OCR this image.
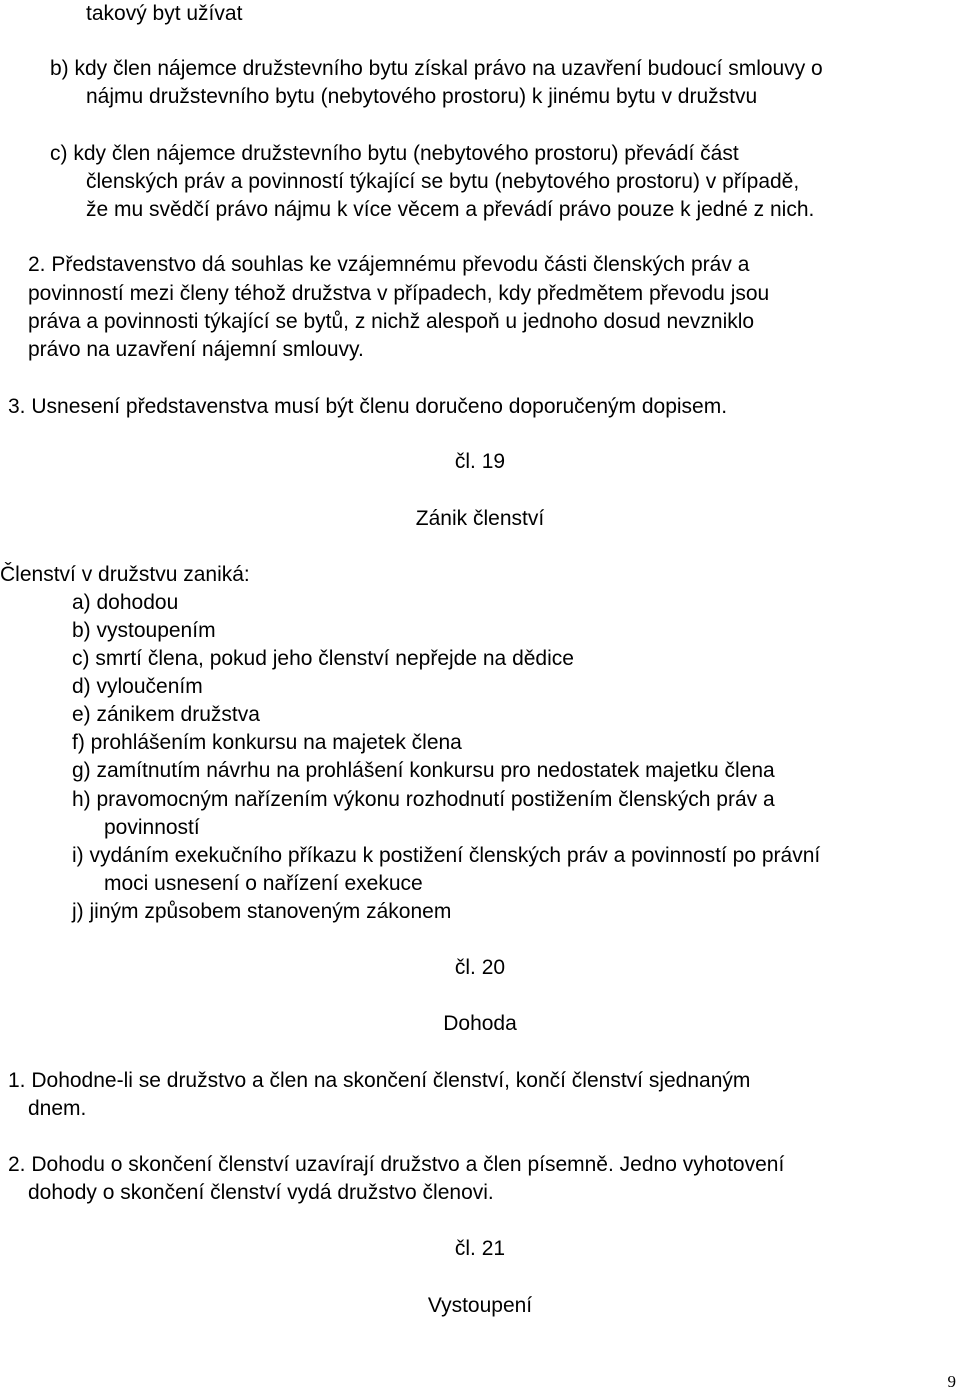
takový byt užívat
b) kdy člen nájemce družstevního bytu získal právo na uzavření budoucí smlouvy o
nájmu družstevního bytu (nebytového prostoru) k jinému bytu v družstvu
c) kdy člen nájemce družstevního bytu (nebytového prostoru) převádí část
členských práv a povinností týkající se bytu (nebytového prostoru) v případě,
že mu svědčí právo nájmu k více věcem a převádí právo pouze k jedné z nich.
2. Představenstvo dá souhlas ke vzájemnému převodu části členských práv a
povinností mezi členy téhož družstva v případech, kdy předmětem převodu jsou
práva a povinnosti týkající se bytů, z nichž alespoň u jednoho dosud nevzniklo
právo na uzavření nájemní smlouvy.
3. Usnesení představenstva musí být členu doručeno doporučeným dopisem.
čl. 19
Zánik členství
Členství v družstvu zaniká:
a) dohodou
b) vystoupením
c) smrtí člena, pokud jeho členství nepřejde na dědice
d) vyloučením
e) zánikem družstva
f) prohlášením konkursu na majetek člena
g) zamítnutím návrhu na prohlášení konkursu pro nedostatek majetku člena
h) pravomocným nařízením výkonu rozhodnutí postižením členských práv a
povinností
i) vydáním exekučního příkazu k postižení členských práv a povinností po právní
moci usnesení o nařízení exekuce
j) jiným způsobem stanoveným zákonem
čl. 20
Dohoda
1. Dohodne-li se družstvo a člen na skončení členství, končí členství sjednaným
dnem.
2. Dohodu o skončení členství uzavírají družstvo a člen písemně. Jedno vyhotovení
dohody o skončení členství vydá družstvo členovi.
čl. 21
Vystoupení
9
